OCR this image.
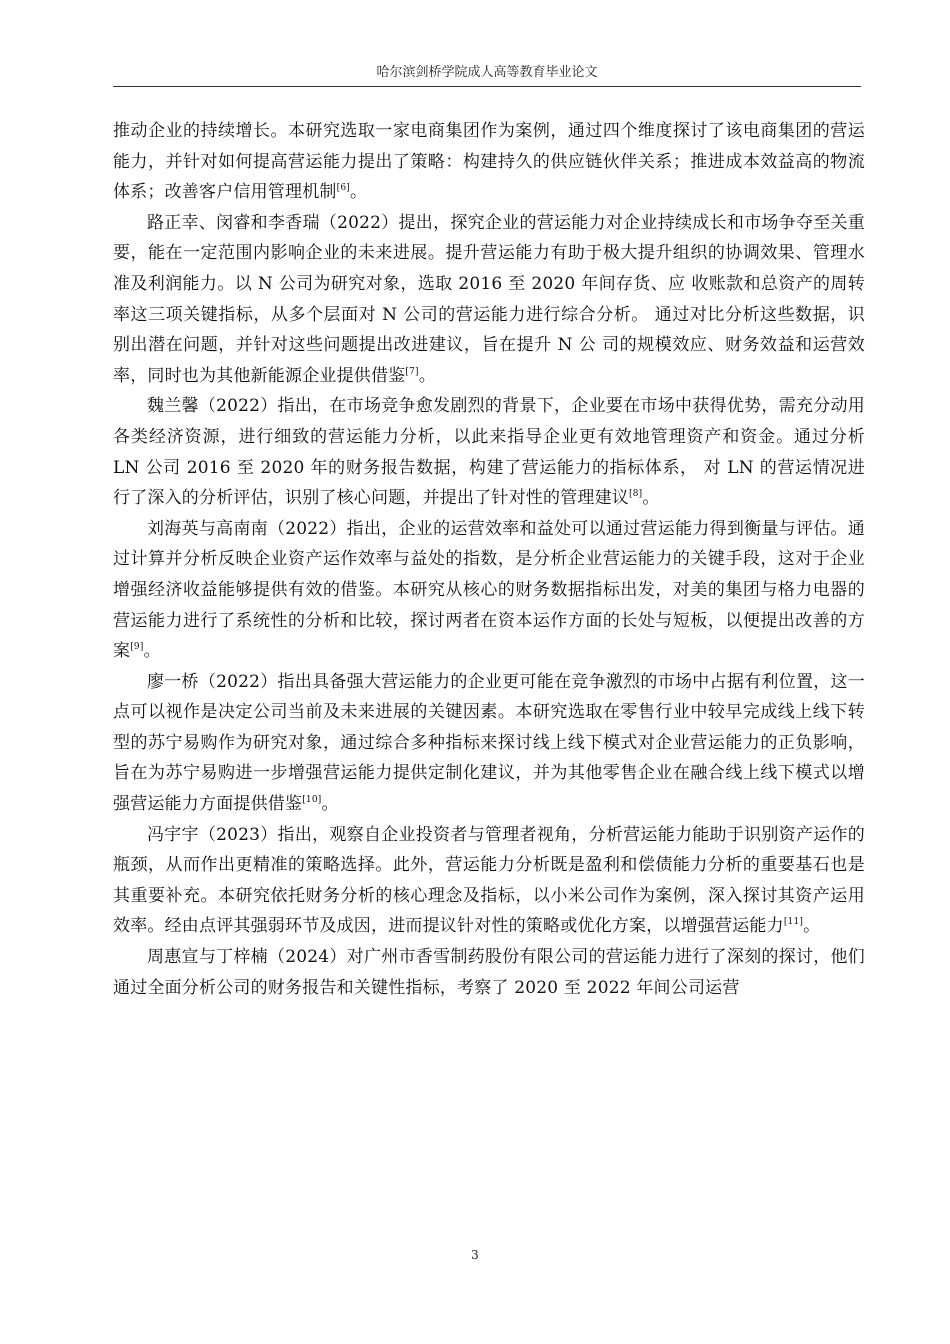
哈尔滨剑桥学院成人高等教育毕业论文

推动企业的持续增长。本研究选取一家电商集团作为案例，通过四个维度探讨了该电商集团的营运能力，并针对如何提高营运能力提出了策略：构建持久的供应链伙伴关系；推进成本效益高的物流体系；改善客户信用管理机制[6]。

路正幸、闵睿和李香瑞（2022）提出，探究企业的营运能力对企业持续成长和市场争夺至关重要，能在一定范围内影响企业的未来进展。提升营运能力有助于极大提升组织的协调效果、管理水准及利润能力。以 N 公司为研究对象，选取 2016 至 2020 年间存货、应 收账款和总资产的周转率这三项关键指标，从多个层面对 N 公司的营运能力进行综合分析。 通过对比分析这些数据，识别出潜在问题，并针对这些问题提出改进建议，旨在提升 N 公 司的规模效应、财务效益和运营效率，同时也为其他新能源企业提供借鉴[7]。

魏兰馨（2022）指出，在市场竞争愈发剧烈的背景下，企业要在市场中获得优势，需充分动用各类经济资源，进行细致的营运能力分析，以此来指导企业更有效地管理资产和资金。通过分析 LN 公司 2016 至 2020 年的财务报告数据，构建了营运能力的指标体系， 对 LN 的营运情况进行了深入的分析评估，识别了核心问题，并提出了针对性的管理建议[8]。

刘海英与高南南（2022）指出，企业的运营效率和益处可以通过营运能力得到衡量与评估。通过计算并分析反映企业资产运作效率与益处的指数，是分析企业营运能力的关键手段，这对于企业增强经济收益能够提供有效的借鉴。本研究从核心的财务数据指标出发，对美的集团与格力电器的营运能力进行了系统性的分析和比较，探讨两者在资本运作方面的长处与短板，以便提出改善的方案[9]。

廖一桥（2022）指出具备强大营运能力的企业更可能在竞争激烈的市场中占据有利位置，这一点可以视作是决定公司当前及未来进展的关键因素。本研究选取在零售行业中较早完成线上线下转型的苏宁易购作为研究对象，通过综合多种指标来探讨线上线下模式对企业营运能力的正负影响，旨在为苏宁易购进一步增强营运能力提供定制化建议，并为其他零售企业在融合线上线下模式以增强营运能力方面提供借鉴[10]。

冯宇宇（2023）指出，观察自企业投资者与管理者视角，分析营运能力能助于识别资产运作的瓶颈，从而作出更精准的策略选择。此外，营运能力分析既是盈利和偿债能力分析的重要基石也是其重要补充。本研究依托财务分析的核心理念及指标，以小米公司作为案例，深入探讨其资产运用效率。经由点评其强弱环节及成因，进而提议针对性的策略或优化方案，以增强营运能力[11]。

周惠宣与丁梓楠（2024）对广州市香雪制药股份有限公司的营运能力进行了深刻的探讨，他们通过全面分析公司的财务报告和关键性指标，考察了 2020 至 2022 年间公司运营

3
